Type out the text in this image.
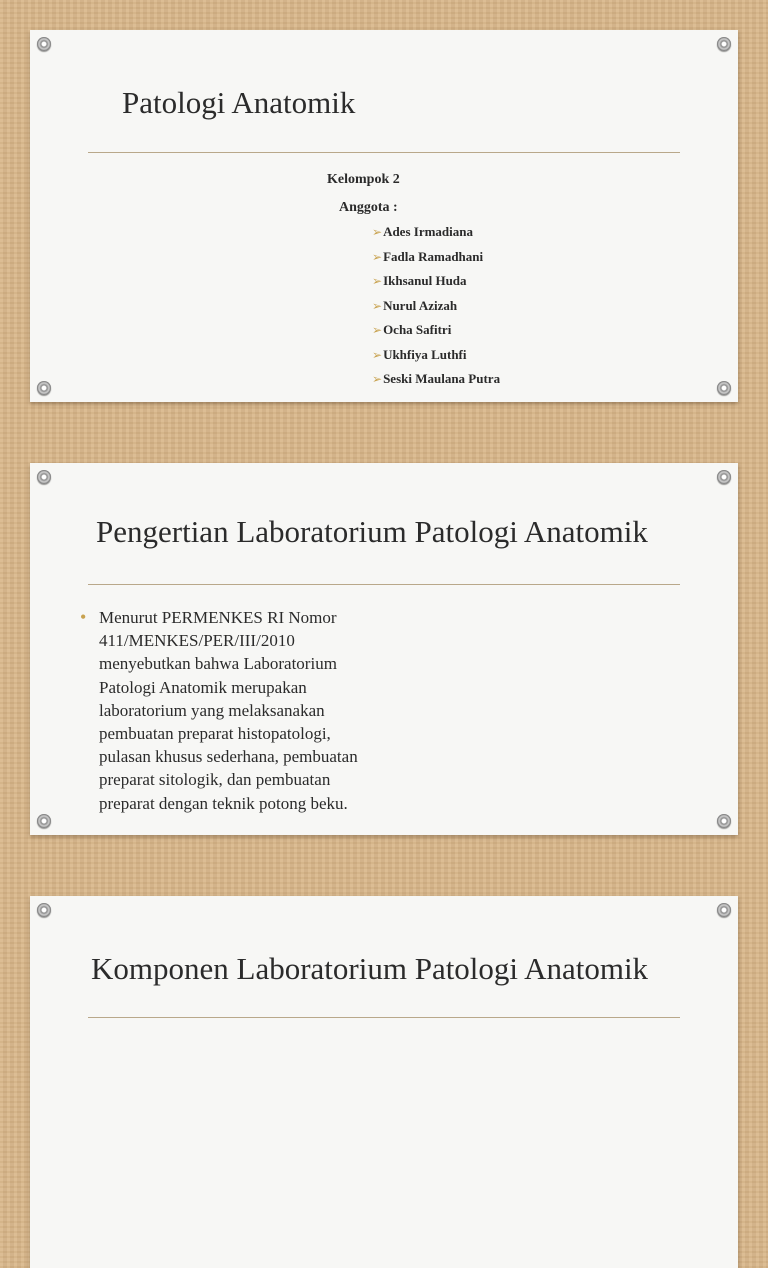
Patologi Anatomik
Kelompok 2
Anggota :
➢Ades Irmadiana
➢Fadla Ramadhani
➢Ikhsanul Huda
➢Nurul Azizah
➢Ocha Safitri
➢Ukhfiya Luthfi
➢Seski Maulana Putra
Pengertian Laboratorium Patologi Anatomik
• Menurut PERMENKES RI Nomor 411/MENKES/PER/III/2010 menyebutkan bahwa Laboratorium Patologi Anatomik merupakan laboratorium yang melaksanakan pembuatan preparat histopatologi, pulasan khusus sederhana, pembuatan preparat sitologik, dan pembuatan preparat dengan teknik potong beku.

Komponen Laboratorium Patologi Anatomik
